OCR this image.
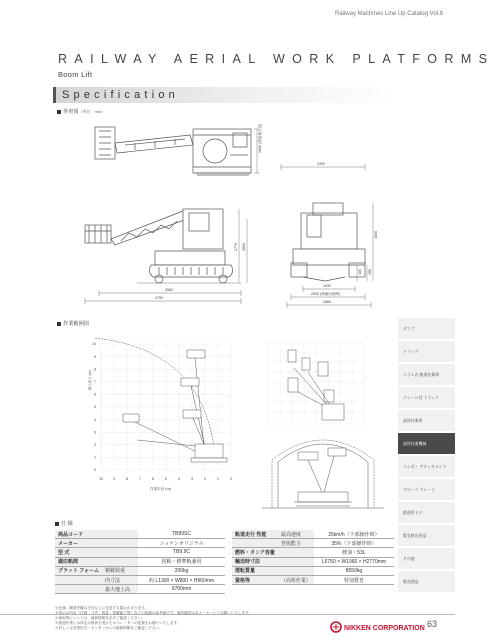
Railway Machines Line Up Catalog Vol.8
RAILWAY AERIAL WORK PLATFORMS
Boom Lift
Specification
外形図（単位：mm）
1800 (最低地上高)
2400
2770 3060
4000
3960
4750
1930
2000 (伸縮収納時)
2860
480 480
作業範囲図
10
9
8
7
6
5
4
3
2
1
0
10	9	8	7	6	5	4	3	2	1	0
地上高さ (m)
作業半径 (m)
ダンプ
トラック
コラム式 軌道作業車
クレーン付 トラック
高所作業車
高所作業機械
ユンボ・ アタッチメント
クローラ クレーン
鉄道用トロ
緊急救出用品
その他
販売商品
仕 様
商品コード		TB99SC
メーカー		ニッケンオリジナル
型 式		TB9.9C
適応軌間		狭軌・標準軌兼用
プラット フォーム	積載荷重	200kg
	内寸法	約 L1300 × W800 × H960mm
	最大地上高	9700mm
軌道走行 性能	最高速度	25km/h（下部操作時）
	登坂能力	35%（下部操作時）
燃料・タンク容量		軽油・53L
輸送時寸法		L6750 × W1960 × H2770mm
運転質量		8550kg
資格等	（高所作業）	特別教育
※仕様、概要外観は予告なしに変更する場合があります。
※表示の内容（仕様・寸法・質量・搭載能力等）などの数値は参考値です。最終確認は各メーカーにてお願いいたします。
※車両等については、最新情報を必ずご確認ください。
※鉄道作業には所定の教育を受けたオペレーターの配置をお願いいたします。
※詳しくは営業担当・センターからの最新情報をご確認ください。	NIKKEN CORPORATION 63
